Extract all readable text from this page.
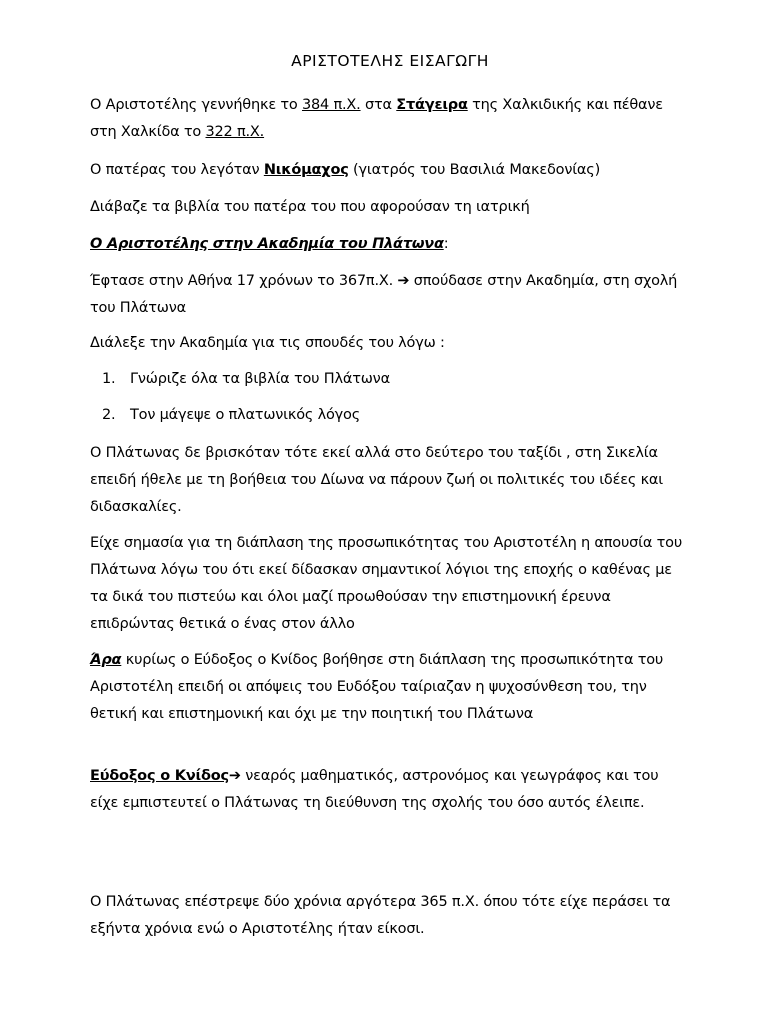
ΑΡΙΣΤΟΤΕΛΗΣ ΕΙΣΑΓΩΓΗ

Ο Αριστοτέλης γεννήθηκε το 384 π.Χ. στα Στάγειρα της Χαλκιδικής και πέθανε στη Χαλκίδα το 322 π.Χ.

Ο πατέρας του λεγόταν Νικόμαχος (γιατρός του Βασιλιά Μακεδονίας)

Διάβαζε τα βιβλία του πατέρα του που αφορούσαν τη ιατρική

Ο Αριστοτέλης στην Ακαδημία του Πλάτωνα:

Έφτασε στην Αθήνα 17 χρόνων το 367π.Χ. ➔ σπούδασε στην Ακαδημία, στη σχολή του Πλάτωνα

Διάλεξε την Ακαδημία για τις σπουδές του λόγω :

1. Γνώριζε όλα τα βιβλία του Πλάτωνα
2. Τον μάγεψε ο πλατωνικός λόγος

Ο Πλάτωνας δε βρισκόταν τότε εκεί αλλά στο δεύτερο του ταξίδι , στη Σικελία επειδή ήθελε με τη βοήθεια του Δίωνα να πάρουν ζωή οι πολιτικές του ιδέες και διδασκαλίες.

Είχε σημασία για τη διάπλαση της προσωπικότητας του Αριστοτέλη η απουσία του Πλάτωνα λόγω του ότι εκεί δίδασκαν σημαντικοί λόγιοι της εποχής ο καθένας με τα δικά του πιστεύω και όλοι μαζί προωθούσαν την επιστημονική έρευνα επιδρώντας θετικά ο ένας στον άλλο

Άρα κυρίως ο Εύδοξος ο Κνίδος βοήθησε στη διάπλαση της προσωπικότητα του Αριστοτέλη επειδή οι απόψεις του Ευδόξου ταίριαζαν η ψυχοσύνθεση του, την θετική και επιστημονική και όχι με την ποιητική του Πλάτωνα

Εύδοξος ο Κνίδος➔ νεαρός μαθηματικός, αστρονόμος και γεωγράφος και του είχε εμπιστευτεί ο Πλάτωνας τη διεύθυνση της σχολής του όσο αυτός έλειπε.

Ο Πλάτωνας επέστρεψε δύο χρόνια αργότερα 365 π.Χ. όπου τότε είχε περάσει τα εξήντα χρόνια ενώ ο Αριστοτέλης ήταν είκοσι.
